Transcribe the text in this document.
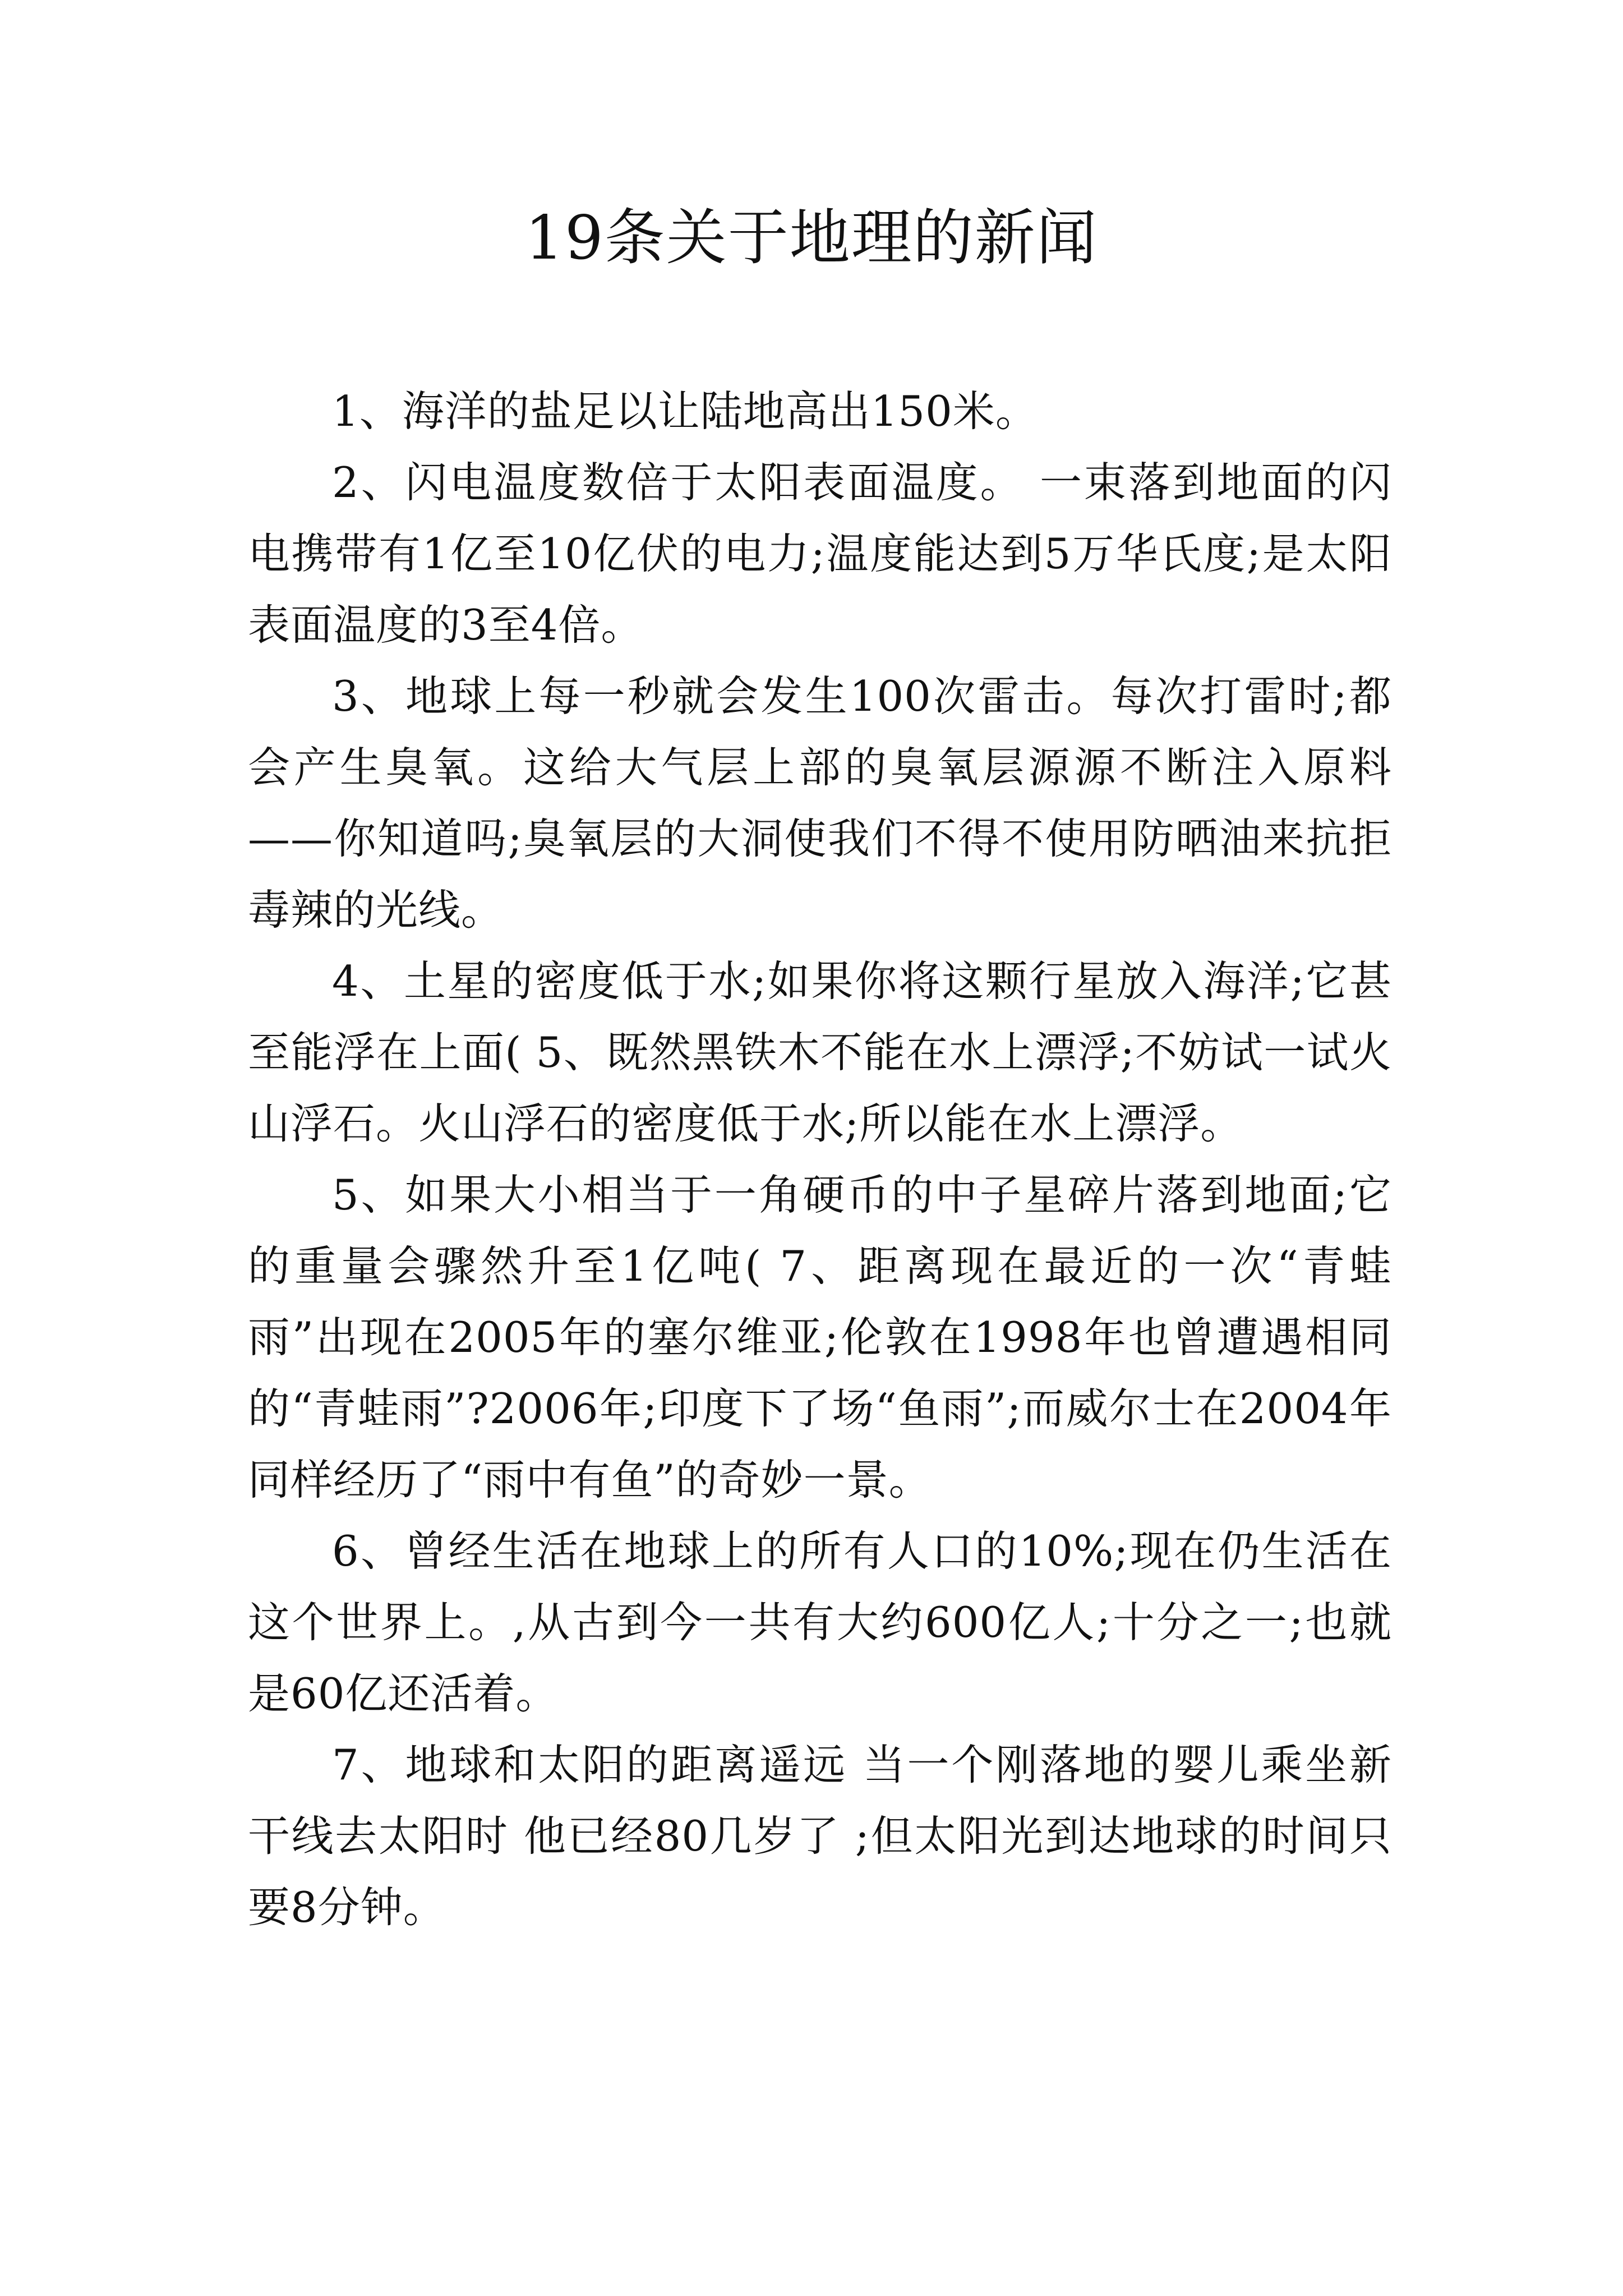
19条关于地理的新闻

1、海洋的盐足以让陆地高出150米。

2、闪电温度数倍于太阳表面温度。 一束落到地面的闪电携带有1亿至10亿伏的电力;温度能达到5万华氏度;是太阳表面温度的3至4倍。

3、地球上每一秒就会发生100次雷击。每次打雷时;都会产生臭氧。这给大气层上部的臭氧层源源不断注入原料——你知道吗;臭氧层的大洞使我们不得不使用防晒油来抗拒毒辣的光线。

4、土星的密度低于水;如果你将这颗行星放入海洋;它甚至能浮在上面( 5、既然黑铁木不能在水上漂浮;不妨试一试火山浮石。火山浮石的密度低于水;所以能在水上漂浮。

5、如果大小相当于一角硬币的中子星碎片落到地面;它的重量会骤然升至1亿吨( 7、距离现在最近的一次“青蛙雨”出现在2005年的塞尔维亚;伦敦在1998年也曾遭遇相同的“青蛙雨”?2006年;印度下了场“鱼雨”;而威尔士在2004年同样经历了“雨中有鱼”的奇妙一景。

6、曾经生活在地球上的所有人口的10%;现在仍生活在这个世界上。,从古到今一共有大约600亿人;十分之一;也就是60亿还活着。

7、地球和太阳的距离遥远 当一个刚落地的婴儿乘坐新干线去太阳时 他已经80几岁了 ;但太阳光到达地球的时间只要8分钟。
